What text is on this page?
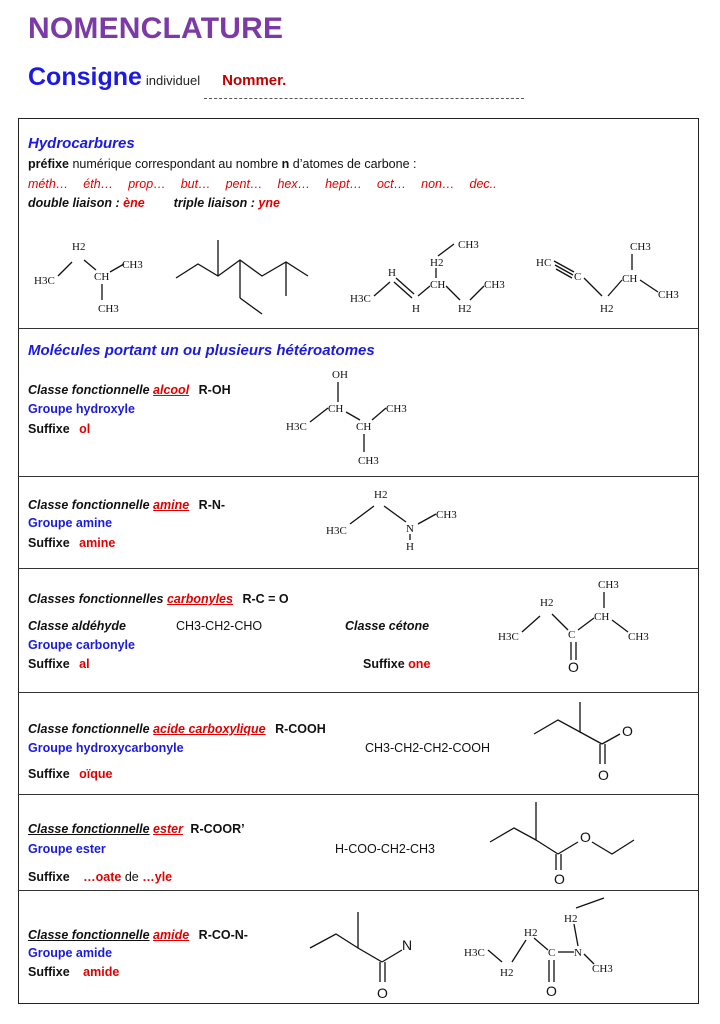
NOMENCLATURE
Consigne individuel Nommer.
Hydrocarbures
préfixe numérique correspondant au nombre n d’atomes de carbone :
méth… éth… prop… but… pent… hex… hept… oct… non… dec..
double liaison : ène triple liaison : yne
H2
H3C	CH
CH3
CH3
CH3
H2
H
CH	CH3
H3C
H	H2
CH3
HC
C	CH
CH3
H2
Molécules portant un ou plusieurs hétéroatomes
Classe fonctionnelle alcool R-OH
Groupe hydroxyle
Suffixe ol
OH
CH	CH3
H3C	CH
CH3
Classe fonctionnelle amine R-N-
Groupe amine
Suffixe amine
H2
H3C	N
CH3
H
Classes fonctionnelles carbonyles R-C = O
Classe aldéhyde	CH3-CH2-CHO	Classe cétone
Groupe carbonyle
Suffixe al	Suffixe one
CH3
H2
CH
H3C	C	CH3
O
Classe fonctionnelle acide carboxylique R-COOH
Groupe hydroxycarbonyle	CH3-CH2-CH2-COOH
Suffixe oïque
O
O
Classe fonctionnelle ester R-COOR’
Groupe ester	H-COO-CH2-CH3
Suffixe …oate de …yle
O
O
Classe fonctionnelle amide R-CO-N-
Groupe amide
Suffixe amide
N
O
H2
H2
H3C	C N
CH3
H2
O
